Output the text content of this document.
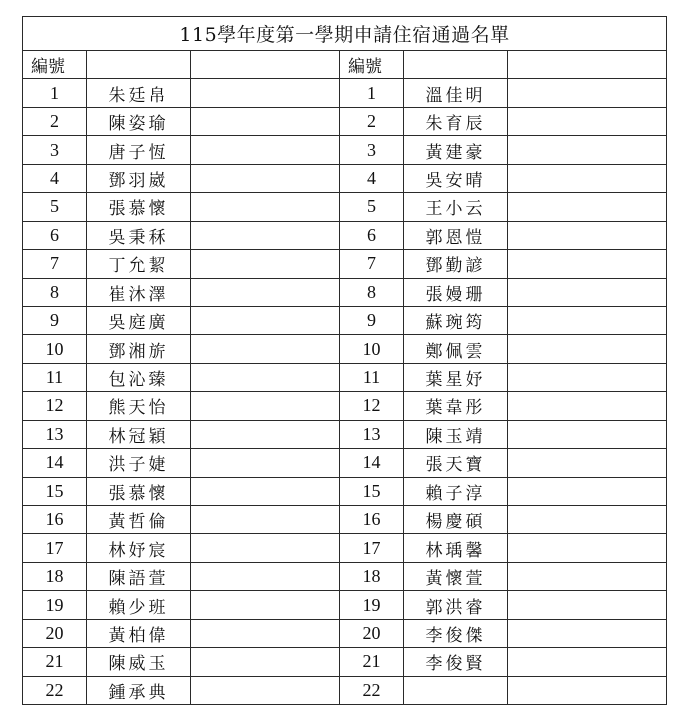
115學年度第一學期申請住宿通過名單					
編號			編號		
1	朱廷帛		1	溫佳明	
2	陳姿瑜		2	朱育辰	
3	唐子恆		3	黃建豪	
4	鄧羽崴		4	吳安晴	
5	張慕懷		5	王小云	
6	吳秉秝		6	郭恩愷	
7	丁允絜		7	鄧勤諺	
8	崔沐澤		8	張嫚珊	
9	吳庭廣		9	蘇琬筠	
10	鄧湘旂		10	鄭佩雲	
11	包沁臻		11	葉星妤	
12	熊天怡		12	葉韋彤	
13	林冠穎		13	陳玉靖	
14	洪子婕		14	張天寶	
15	張慕懷		15	賴子淳	
16	黃哲倫		16	楊慶碩	
17	林妤宸		17	林瑀馨	
18	陳語萱		18	黃懷萱	
19	賴少班		19	郭洪睿	
20	黃柏偉		20	李俊傑	
21	陳威玉		21	李俊賢	
22	鍾承典		22		
